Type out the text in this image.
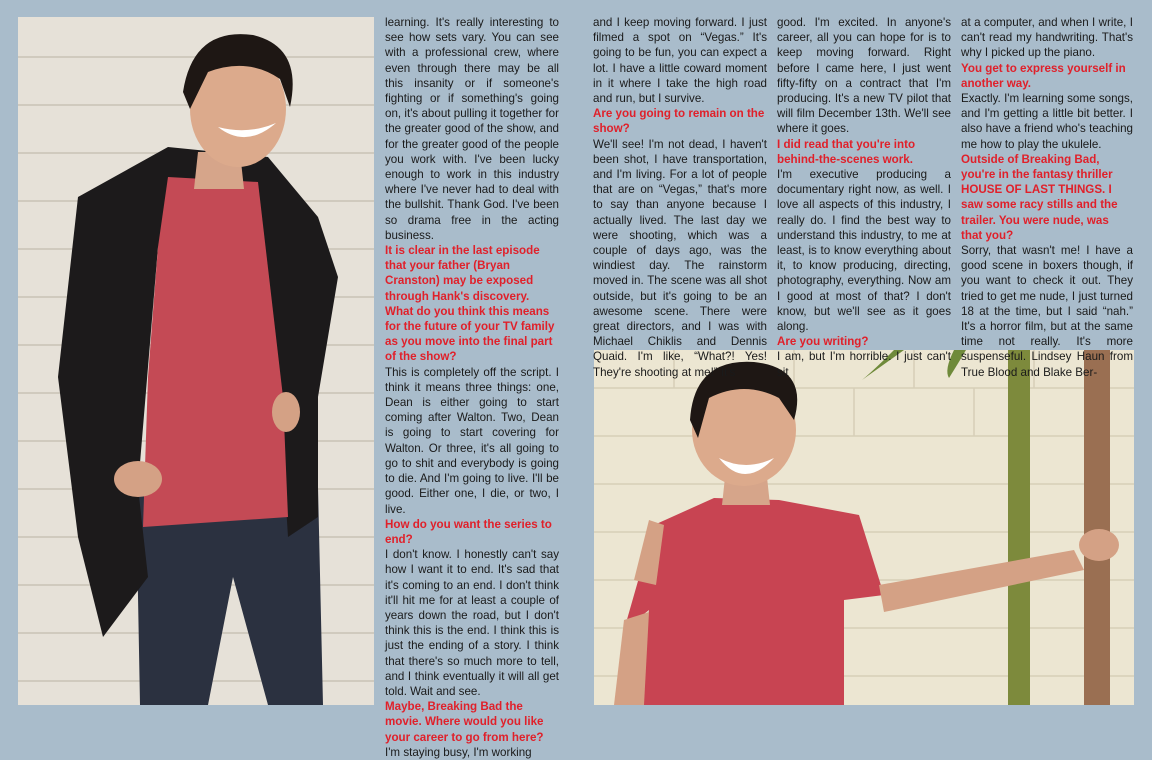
learning. It's really interesting to see how sets vary. You can see with a professional crew, where even through there may be all this insanity or if someone's fighting or if something's going on, it's about pulling it together for the greater good of the show, and for the greater good of the people you work with. I've been lucky enough to work in this industry where I've never had to deal with the bullshit. Thank God. I've been so drama free in the acting business.

It is clear in the last episode that your father (Bryan Cranston) may be exposed through Hank's discovery. What do you think this means for the future of your TV family as you move into the final part of the show?

This is completely off the script. I think it means three things: one, Dean is either going to start coming after Walton. Two, Dean is going to start covering for Walton. Or three, it's all going to go to shit and everybody is going to die. And I'm going to live. I'll be good. Either one, I die, or two, I live.

How do you want the series to end?

I don't know. I honestly can't say how I want it to end. It's sad that it's coming to an end. I don't think it'll hit me for at least a couple of years down the road, but I don't think this is the end. I think this is just the ending of a story. I think that there's so much more to tell, and I think eventually it will all get told. Wait and see.

Maybe, Breaking Bad the movie. Where would you like your career to go from here?

I'm staying busy, I'm working

and I keep moving forward. I just filmed a spot on “Vegas.” It's going to be fun, you can expect a lot. I have a little coward moment in it where I take the high road and run, but I survive.

Are you going to remain on the show?

We'll see! I'm not dead, I haven't been shot, I have transportation, and I'm living. For a lot of people that are on “Vegas,” that's more to say than anyone because I actually lived. The last day we were shooting, which was a couple of days ago, was the windiest day. The rainstorm moved in. The scene was all shot outside, but it's going to be an awesome scene. There were great directors, and I was with Michael Chiklis and Dennis Quaid. I'm like, “What?! Yes! They're shooting at me!” It's

good. I'm excited. In anyone's career, all you can hope for is to keep moving forward. Right before I came here, I just went fifty-fifty on a contract that I'm producing. It's a new TV pilot that will film December 13th. We'll see where it goes.

I did read that you're into behind-the-scenes work.

I'm executive producing a documentary right now, as well. I love all aspects of this industry, I really do. I find the best way to understand this industry, to me at least, is to know everything about it, to know producing, directing, photography, everything. Now am I good at most of that? I don't know, but we'll see as it goes along.

Are you writing?

I am, but I'm horrible. I just can't sit

at a computer, and when I write, I can't read my handwriting. That's why I picked up the piano.

You get to express yourself in another way.

Exactly. I'm learning some songs, and I'm getting a little bit better. I also have a friend who's teaching me how to play the ukulele.

Outside of Breaking Bad, you're in the fantasy thriller HOUSE OF LAST THINGS. I saw some racy stills and the trailer. You were nude, was that you?

Sorry, that wasn't me! I have a good scene in boxers though, if you want to check it out. They tried to get me nude, I just turned 18 at the time, but I said “nah.” It's a horror film, but at the same time not really. It's more suspenseful. Lindsey Haun from True Blood and Blake Ber-
